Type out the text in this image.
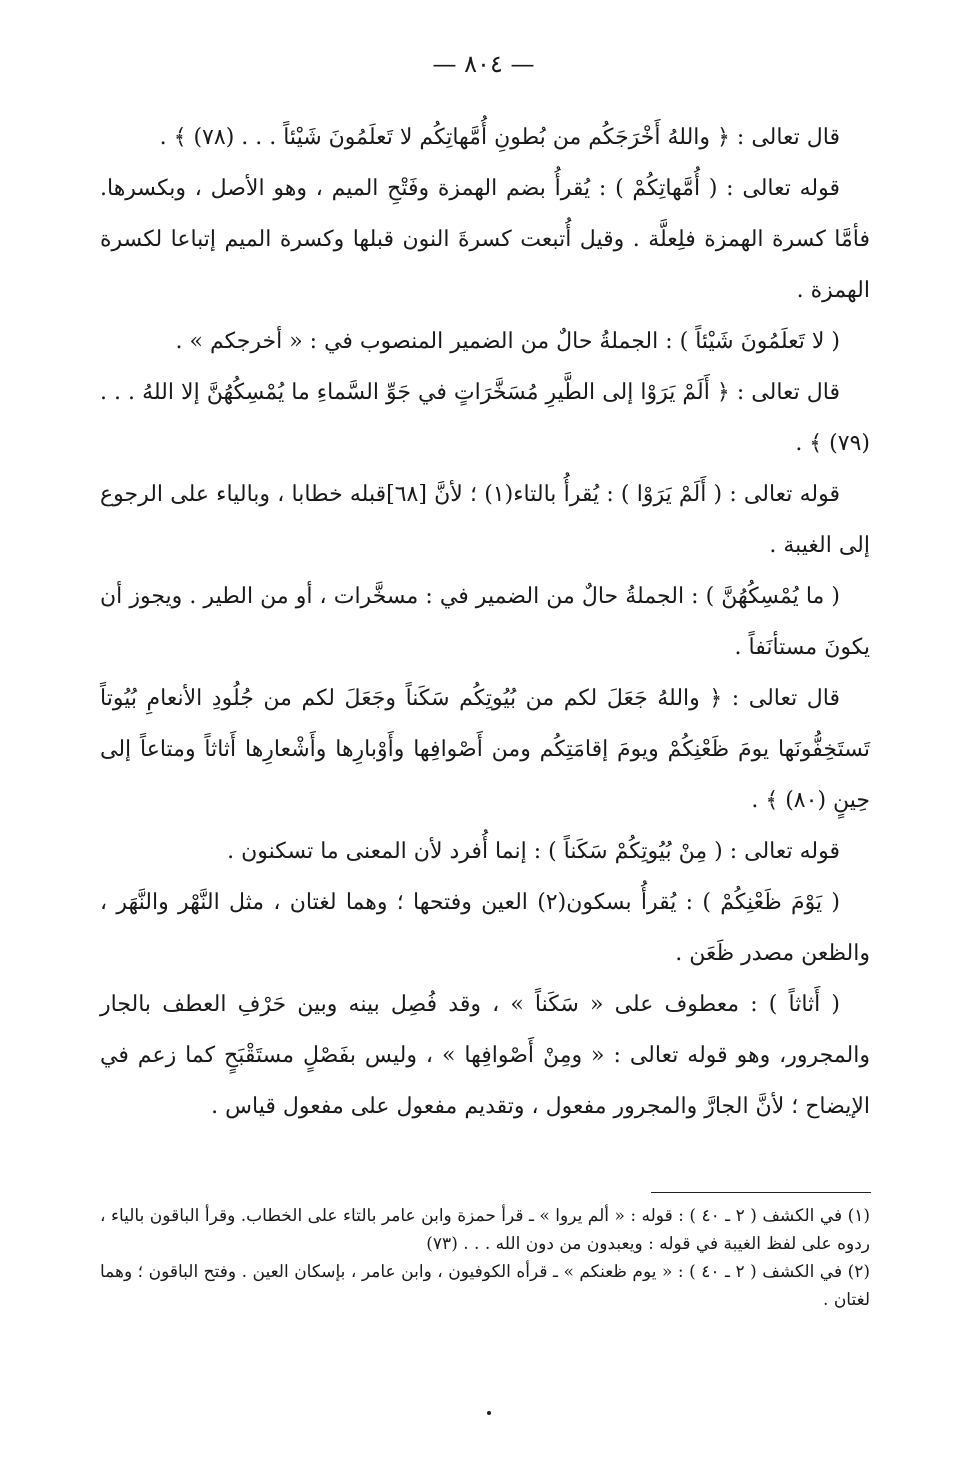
— ٨٠٤ —

قال تعالى : ﴿ واللهُ أَخْرَجَكُم من بُطونِ أُمَّهاتِكُم لا تَعلَمُونَ شَيْئاً . . . (٧٨) ﴾ .

قوله تعالى : ( أُمَّهاتِكُمْ ) : يُقرأُ بضم الهمزة وفَتْحِ الميم ، وهو الأصل ، وبكسرها. فأمَّا كسرة الهمزة فلِعلَّة . وقيل أُتبعت كسرةَ النون قبلها وكسرة الميم إتباعا لكسرة الهمزة .

( لا تَعلَمُونَ شَيْئاً ) : الجملةُ حالٌ من الضمير المنصوب في : « أخرجكم » .

قال تعالى : ﴿ أَلَمْ يَرَوْا إلى الطَّيرِ مُسَخَّرَاتٍ في جَوِّ السَّماءِ ما يُمْسِكُهُنَّ إلا اللهُ . . . (٧٩) ﴾ .

قوله تعالى : ( أَلَمْ يَرَوْا ) : يُقرأُ بالتاء(١) ؛ لأنَّ [٦٨]قبله خطابا ، وبالياء على الرجوع إلى الغيبة .

( ما يُمْسِكُهُنَّ ) : الجملةُ حالٌ من الضمير في : مسخَّرات ، أو من الطير . ويجوز أن يكونَ مستأنَفاً .

قال تعالى : ﴿ واللهُ جَعَلَ لكم من بُيُوتِكُم سَكَناً وجَعَلَ لكم من جُلُودِ الأنعامِ بُيُوتاً تَستَخِفُّونَها يومَ ظَعْنِكُمْ ويومَ إقامَتِكُم ومن أَصْوافِها وأَوْبارِها وأَشْعارِها أَثاثاً ومتاعاً إلى حِينٍ (٨٠) ﴾ .

قوله تعالى : ( مِنْ بُيُوتِكُمْ سَكَناً ) : إنما أُفرد لأن المعنى ما تسكنون .

( يَوْمَ ظَعْنِكُمْ ) : يُقرأُ بسكون(٢) العين وفتحها ؛ وهما لغتان ، مثل النَّهْر والنَّهَر ، والظعن مصدر ظَعَن .

( أَثاثاً ) : معطوف على « سَكَناً » ، وقد فُصِل بينه وبين حَرْفِ العطف بالجار والمجرور، وهو قوله تعالى : « ومِنْ أَصْوافِها » ، وليس بفَصْلٍ مستَقْبَحٍ كما زعم في الإيضاح ؛ لأنَّ الجارَّ والمجرور مفعول ، وتقديم مفعول على مفعول قياس .

(١) في الكشف ( ٢ ـ ٤٠ ) : قوله : « ألم يروا » ـ قرأ حمزة وابن عامر بالتاء على الخطاب. وقرأ الباقون بالياء ، ردوه على لفظ الغيبة في قوله : ويعبدون من دون الله . . . (٧٣)

(٢) في الكشف ( ٢ ـ ٤٠ ) : « يوم ظعنكم » ـ قرأه الكوفيون ، وابن عامر ، بإسكان العين . وفتح الباقون ؛ وهما لغتان .
